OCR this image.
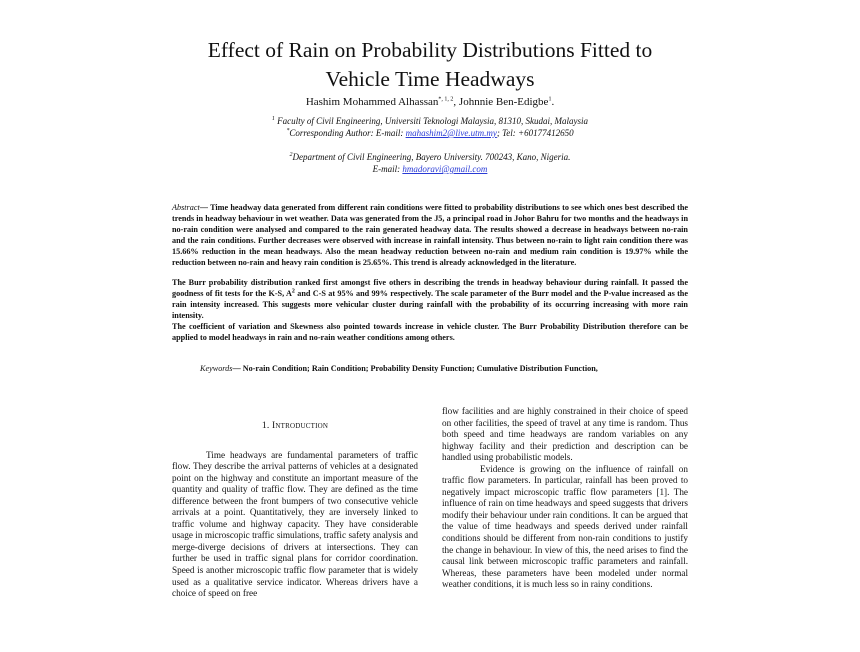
Effect of Rain on Probability Distributions Fitted to
Vehicle Time Headways
Hashim Mohammed Alhassan$^{*, 1, 2}$, Johnnie Ben-Edigbe$^1$.
$^1$ Faculty of Civil Engineering, Universiti Teknologi Malaysia, 81310, Skudai, Malaysia
*Corresponding Author: E-mail: mahashim2@live.utm.my; Tel: +60177412650
$^2$Department of Civil Engineering, Bayero University. 700243, Kano, Nigeria.
E-mail: hmadoravi@gmail.com

Abstract— Time headway data generated from different rain conditions were fitted to probability distributions to see which ones best described the trends in headway behaviour in wet weather. Data was generated from the J5, a principal road in Johor Bahru for two months and the headways in no-rain condition were analysed and compared to the rain generated headway data. The results showed a decrease in headways between no-rain and the rain conditions. Further decreases were observed with increase in rainfall intensity. Thus between no-rain to light rain condition there was 15.66% reduction in the mean headways. Also the mean headway reduction between no-rain and medium rain condition is 19.97% while the reduction between no-rain and heavy rain condition is 25.65%. This trend is already acknowledged in the literature.

The Burr probability distribution ranked first amongst five others in describing the trends in headway behaviour during rainfall. It passed the goodness of fit tests for the K-S, $A^2$ and C-S at 95% and 99% respectively. The scale parameter of the Burr model and the P-value increased as the rain intensity increased. This suggests more vehicular cluster during rainfall with the probability of its occurring increasing with more rain intensity.

The coefficient of variation and Skewness also pointed towards increase in vehicle cluster. The Burr Probability Distribution therefore can be applied to model headways in rain and no-rain weather conditions among others.

Keywords— No-rain Condition; Rain Condition; Probability Density Function; Cumulative Distribution Function,
1. Introduction

Time headways are fundamental parameters of traffic flow. They describe the arrival patterns of vehicles at a designated point on the highway and constitute an important measure of the quantity and quality of traffic flow. They are defined as the time difference between the front bumpers of two consecutive vehicle arrivals at a point. Quantitatively, they are inversely linked to traffic volume and highway capacity. They have considerable usage in microscopic traffic simulations, traffic safety analysis and merge-diverge decisions of drivers at intersections. They can further be used in traffic signal plans for corridor coordination. Speed is another microscopic traffic flow parameter that is widely used as a qualitative service indicator. Whereas drivers have a choice of speed on free

flow facilities and are highly constrained in their choice of speed on other facilities, the speed of travel at any time is random. Thus both speed and time headways are random variables on any highway facility and their prediction and description can be handled using probabilistic models.

Evidence is growing on the influence of rainfall on traffic flow parameters. In particular, rainfall has been proved to negatively impact microscopic traffic flow parameters [1]. The influence of rain on time headways and speed suggests that drivers modify their behaviour under rain conditions. It can be argued that the value of time headways and speeds derived under rainfall conditions should be different from non-rain conditions to justify the change in behaviour. In view of this, the need arises to find the causal link between microscopic traffic parameters and rainfall. Whereas, these parameters have been modeled under normal weather conditions, it is much less so in rainy conditions.
